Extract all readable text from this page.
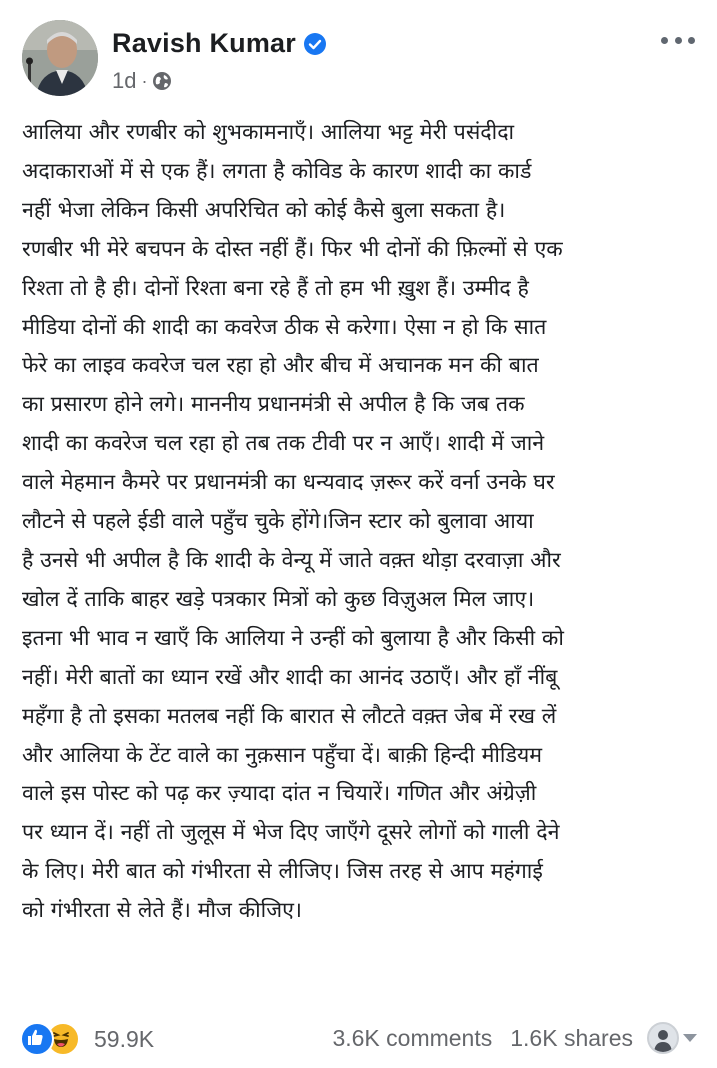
Ravish Kumar
1d ·
आलिया और रणबीर को शुभकामनाएँ। आलिया भट्ट मेरी पसंदीदा
अदाकाराओं में से एक हैं। लगता है कोविड के कारण शादी का कार्ड
नहीं भेजा लेकिन किसी अपरिचित को कोई कैसे बुला सकता है।
रणबीर भी मेरे बचपन के दोस्त नहीं हैं। फिर भी दोनों की फ़िल्मों से एक
रिश्ता तो है ही। दोनों रिश्ता बना रहे हैं तो हम भी ख़ुश हैं। उम्मीद है
मीडिया दोनों की शादी का कवरेज ठीक से करेगा। ऐसा न हो कि सात
फेरे का लाइव कवरेज चल रहा हो और बीच में अचानक मन की बात
का प्रसारण होने लगे। माननीय प्रधानमंत्री से अपील है कि जब तक
शादी का कवरेज चल रहा हो तब तक टीवी पर न आएँ। शादी में जाने
वाले मेहमान कैमरे पर प्रधानमंत्री का धन्यवाद ज़रूर करें वर्ना उनके घर
लौटने से पहले ईडी वाले पहुँच चुके होंगे।जिन स्टार को बुलावा आया
है उनसे भी अपील है कि शादी के वेन्यू में जाते वक़्त थोड़ा दरवाज़ा और
खोल दें ताकि बाहर खड़े पत्रकार मित्रों को कुछ विज़ुअल मिल जाए।
इतना भी भाव न खाएँ कि आलिया ने उन्हीं को बुलाया है और किसी को
नहीं। मेरी बातों का ध्यान रखें और शादी का आनंद उठाएँ। और हाँ नींबू
महँगा है तो इसका मतलब नहीं कि बारात से लौटते वक़्त जेब में रख लें
और आलिया के टेंट वाले का नुक़सान पहुँचा दें। बाक़ी हिन्दी मीडियम
वाले इस पोस्ट को पढ़ कर ज़्यादा दांत न चियारें। गणित और अंग्रेज़ी
पर ध्यान दें। नहीं तो जुलूस में भेज दिए जाएँगे दूसरे लोगों को गाली देने
के लिए। मेरी बात को गंभीरता से लीजिए। जिस तरह से आप महंगाई
को गंभीरता से लेते हैं। मौज कीजिए।
59.9K	3.6K comments 1.6K shares
